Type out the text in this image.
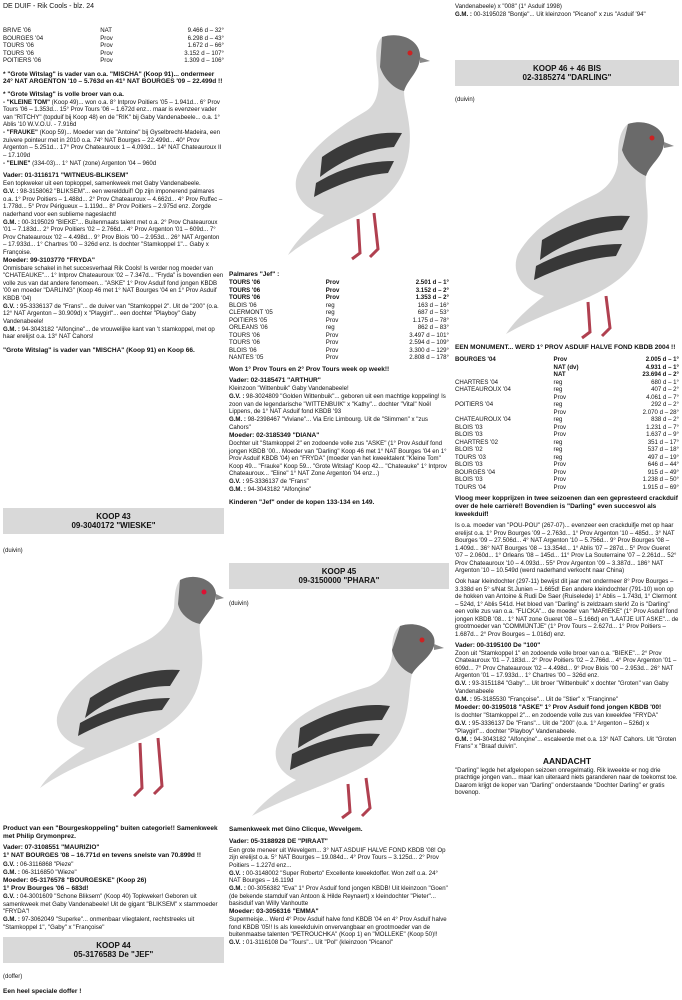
DE DUIF - Rik Cools - blz. 24
BRIVE '06	NAT	9.466 d – 32°
BOURGES '04	Prov	6.298 d – 43°
TOURS '06	Prov	1.672 d – 66°
TOURS '06	Prov	3.152 d – 107°
POITIERS '06	Prov	1.309 d – 106°

* "Grote Witslag" is vader van o.a. "MISCHA" (Koop 91)... ondermeer 24° NAT ARGENTON '10 – 5.763d en 41° NAT BOURGES '09 – 22.499d !!

* "Grote Witslag" is volle broer van o.a.

- "KLEINE TOM" (Koop 49)... won o.a. 8° Intprov Poitiers '05 – 1.941d... 6° Prov Tours '06 – 1.353d... 15° Prov Tours '06 – 1.672d enz... maar is evenzeer vader van "RITCHY" (topduif bij Koop 48) en de "RIK" bij Gaby Vandenabeele... o.a. 1° Ablis '10 W.V.O.U. - 7.916d

- "FRAUKE" (Koop 59)... Moeder van de "Antoine" bij Gyselbrecht-Madeira, een zuivere pointeur met in 2010 o.a. 74° NAT Bourges – 22.499d... 40° Prov Argenton – 5.251d... 17° Prov Chateauroux 1 – 4.093d... 14° NAT Chateauroux II – 17.109d

- "ELINE" (334-03)... 1° NAT (zone) Argenton '04 – 960d

Vader: 01-3116171 "WITNEUS-BLIKSEM"

Een topkweker uit een topkoppel, samenkweek met Gaby Vandenabeele.

G.V. : 98-3158062 "BLIKSEM"... een wereldduif! Op zijn imponerend palmares o.a. 1° Prov Poitiers – 1.488d... 2° Prov Chateauroux – 4.662d... 4° Prov Ruffec – 1.778d... 5° Prov Périgueux – 1.119d... 8° Prov Poitiers – 2.975d enz. Zorgde naderhand voor een sublieme nageslacht!

G.M. : 00-3195029 "BIEKE"... Buitenmaats talent met o.a. 2° Prov Chateauroux '01 – 7.183d... 2° Prov Poitiers '02 – 2.766d... 4° Prov Argenton '01 – 609d... 7° Prov Chateauroux '02 – 4.498d... 9° Prov Blois '00 – 2.953d... 26° NAT Argenton – 17.933d... 1° Chartres '00 – 326d enz. Is dochter "Stamkoppel 1"... Gaby x Françoise.

Moeder: 99-3103770 "FRYDA"

Onmisbare schakel in het succesverhaal Rik Cools! Is verder nog moeder van "CHATEAUKE"... 1° Intprov Chateauroux '02 – 7.347d... "Fryda" is bovendien een volle zus van dat andere fenomeen... "ASKE" 1° Prov Asduif fond jongen KBDB '00 en moeder "DARLING" (Koop 46 met 1° NAT Bourges '04 en 1° Prov Asduif KBDB '04)

G.V. : 95-3336137 de "Frans"... de duiver van "Stamkoppel 2". Uit de "200" (o.a. 12° NAT Argenton – 30.909d) x "Playgirl"... een dochter "Playboy" Gaby Vandenabeele!

G.M. : 94-3043182 "Alfonçine"... de vrouwelijke kant van 't stamkoppel, met op haar erelijst o.a. 13° NAT Cahors!

"Grote Witslag" is vader van "MISCHA" (Koop 91) en Koop 66.

KOOP 43
09-3040172 "WIESKE"
(duivin)

Product van een "Bourgeskoppeling" buiten categorie!! Samenkweek met Philip Grymonprez.

Vader: 07-3108551 "MAURIZIO"

1° NAT BOURGES '08 – 16.771d en tevens snelste van 70.899d !!

G.V. : 06-3116868 "Pieze"

G.M. : 06-3116850 "Wieze"

Moeder: 05-3176578 "BOURGESKE" (Koop 26)

1° Prov Bourges '06 – 683d!

G.V. : 04-3001609 "Schone Bliksem" (Koop 40) Topkweker! Geboren uit samenkweek met Gaby Vandenabeele! Uit de gigant "BLIKSEM" x stammoeder "FRYDA"!

G.M. : 97-3062049 "Superke"... onmenbaar vliegtalent, rechtstreeks uit "Stamkoppel 1", "Gaby" x "Françoise"

KOOP 44
05-3176583 De "JEF"
(doffer)
Een heel speciale doffer !

Palmares "Jef" :

TOURS '06	Prov	2.501 d – 1°
TOURS '06	Prov	3.152 d – 2°
TOURS '06	Prov	1.353 d – 2°
BLOIS '06	reg	163 d – 16°
CLERMONT '05	reg	687 d – 53°
POITIERS '05	Prov	1.175 d – 78°
ORLEANS '06	reg	862 d – 83°
TOURS '06	Prov	3.497 d – 101°
TOURS '06	Prov	2.594 d – 109°
BLOIS '06	Prov	3.300 d – 129°
NANTES '05	Prov	2.808 d – 178°

Won 1° Prov Tours en 2° Prov Tours week op week!!

Vader: 02-3185471 "ARTHUR"

Kleinzoon "Wittenbuik" Gaby Vandenabeele!

G.V. : 98-3024809 "Golden Wittenbuik"... geboren uit een machtige koppeling! Is zoon van de legendarische "WITTENBUIK" x "Kathy"... dochter "Vital" Noël Lippens, de 1° NAT Asduif fond KBDB '93

G.M. : 98-2398467 "Viviane"... Via Eric Limbourg. Uit de "Slimmen" x "zus Cahors"

Moeder: 02-3185349 "DIANA"

Dochter uit "Stamkoppel 2" en zodoende volle zus "ASKE" (1° Prov Asduif fond jongen KBDB '00... Moeder van "Darling" Koop 46 met 1° NAT Bourges '04 en 1° Prov Asduif KBDB '04) en "FRYDA" (moeder van het kweektalent "Kleine Tom" Koop 49... "Frauke" Koop 59... "Grote Witslag" Koop 42... "Chateauke" 1° Intprov Chateauroux... "Eline" 1° NAT Zone Argenton '04 enz...)

G.V. : 95-3336137 de "Frans"

G.M. : 94-3043182 "Alfonçine"

Kinderen "Jef" onder de kopen 133-134 en 149.

KOOP 45
09-3150000 "PHARA"
(duivin)

Samenkweek met Gino Clicque, Wevelgem.

Vader: 05-3188928 DE "PIRAAT"

Een grote meneer uit Wevelgem... 3° NAT ASDUIF HALVE FOND KBDB '08! Op zijn erelijst o.a. 5° NAT Bourges – 19.084d... 4° Prov Tours – 3.125d... 2° Prov Poitiers – 1.227d enz...

G.V. : 00-3148002 "Super Roberto" Excellente kweekdoffer. Won zelf o.a. 24° NAT Bourges – 16.119d

G.M. : 00-3056382 "Eva" 1° Prov Asduif fond jongen KBDB! Uit kleinzoon "Goen" (de bekende stamduif van Antoon & Hilde Reynaert) x kleindochter "Pieter"... basisduif van Willy Vanhoutte

Moeder: 03-3056316 "EMMA"

Supermeisje... Werd 4° Prov Asduif halve fond KBDB '04 en 4° Prov Asduif halve fond KBDB '05!! Is als kweekduivin onvervangbaar en grootmoeder van de buitenmaatse talenten "PETROUCHKA" (Koop 1) en "MOLLEKE" (Koop 50)!!

G.V. : 01-3116108 De "Tours"... Uit "Pol" (kleinzoon "Picanol"

Vandenabeele) x "008" (1° Asduif 1998)

G.M. : 00-3195028 "Bontje"... Uit kleinzoon "Picanol" x zus "Asduif '94"

KOOP 46 + 46 BIS
02-3185274 "DARLING"
(duivin)

EEN MONUMENT... WERD 1° PROV ASDUIF HALVE FOND KBDB 2004 !!

BOURGES '04	Prov	2.005 d – 1°
	NAT (dv)	4.931 d – 1°
	NAT	23.694 d – 2°
CHARTRES '04	reg	680 d – 1°
CHATEAUROUX '04	reg	407 d – 2°
	Prov	4.061 d – 7°
POITIERS '04	reg	292 d – 2°
	Prov	2.070 d – 28°
CHATEAUROUX '04	reg	838 d – 2°
BLOIS '03	Prov	1.231 d – 7°
BLOIS '03	Prov	1.637 d – 9°
CHARTRES '02	reg	351 d – 17°
BLOIS '02	reg	537 d – 18°
TOURS '03	reg	497 d – 19°
BLOIS '03	Prov	646 d – 44°
BOURGES '04	Prov	915 d – 49°
BLOIS '03	Prov	1.238 d – 50°
TOURS '04	Prov	1.915 d – 69°

Vloog meer kopprijzen in twee seizoenen dan een gepresteerd crackduif over de hele carrière!! Bovendien is "Darling" even succesvol als kweekduif!

Is o.a. moeder van "POU-POU" (267-07)... evenzeer een crackduifje met op haar erelijst o.a. 1° Prov Bourges '09 – 2.763d... 1° Prov Argenton '10 – 485d... 3° NAT Bourges '09 – 27.506d... 4° NAT Argenton '10 – 5.756d... 9° Prov Bourges '08 – 1.409d... 36° NAT Bourges '08 – 13.354d... 1° Ablis '07 – 287d... 5° Prov Gueret '07 – 2.060d... 1° Orleans '08 – 145d... 11° Prov La Souterraine '07 – 2.261d... 52° Prov Chateauroux '10 – 4.093d... 55° Prov Argenton '09 – 3.387d... 186° NAT Argenton '10 – 10.549d (werd naderhand verkocht naar China)

Ook haar kleindochter (297-11) bewijst dit jaar met ondermeer 8° Prov Bourges – 3.338d en 5° s/Nat St.Junien – 1.665d! Een andere kleindochter (791-10) won op de hokken van Antoine & Rudi De Saer (Ruiselede) 1° Ablis – 1.743d, 1° Clermont – 524d, 1° Ablis 541d. Het bloed van "Darling" is zeldzaam sterk! Zo is "Darling" een volle zus van o.a. "FLICKA"... de moeder van "MARIEKE" (1° Prov Asduif fond jongen KBDB '08... 1° NAT zone Gueret '08 – 5.166d) en "LAATJE UIT ASKE"... de grootmoeder van "COMMIJNTJE" (1° Prov Tours – 2.627d... 1° Prov Poitiers – 1.687d... 2° Prov Bourges – 1.016d) enz.

Vader: 00-3195100 De "100"

Zoon uit "Stamkoppel 1" en zodoende volle broer van o.a. "BIEKE"... 2° Prov Chateauroux '01 – 7.183d... 2° Prov Poitiers '02 – 2.766d... 4° Prov Argenton '01 – 609d... 7° Prov Chateauroux '02 – 4.498d... 9° Prov Blois '00 – 2.953d... 26° NAT Argenton '01 – 17.933d... 1° Chartres '00 – 326d enz.

G.V. : 93-3151184 "Gaby"... Uit broer "Wittenbuik" x dochter "Groten" van Gaby Vandenabeele

G.M. : 95-3185530 "Françoise"... Uit de "Stier" x "Françinne"

Moeder: 00-3195018 "ASKE" 1° Prov Asduif fond jongen KBDB '00!

Is dochter "Stamkoppel 2"... en zodoende volle zus van kweekfee "FRYDA"

G.V. : 95-3336137 De "Frans"... Uit de "200" (o.a. 1° Argenton – 526d) x "Playgirl"... dochter "Playboy" Vandenabeele.

G.M. : 94-3043182 "Alfonçine"... escaleerde met o.a. 13° NAT Cahors. Uit "Groten Frans" x "Braaf duivin".

AANDACHT

"Darling" legde het afgelopen seizoen onregelmatig. Rik kweekte er nog drie prachtige jongen van... maar kan uiteraard niets garanderen naar de toekomst toe. Daarom krijgt de koper van "Darling" onderstaande "Dochter Darling" er gratis bovenop.
